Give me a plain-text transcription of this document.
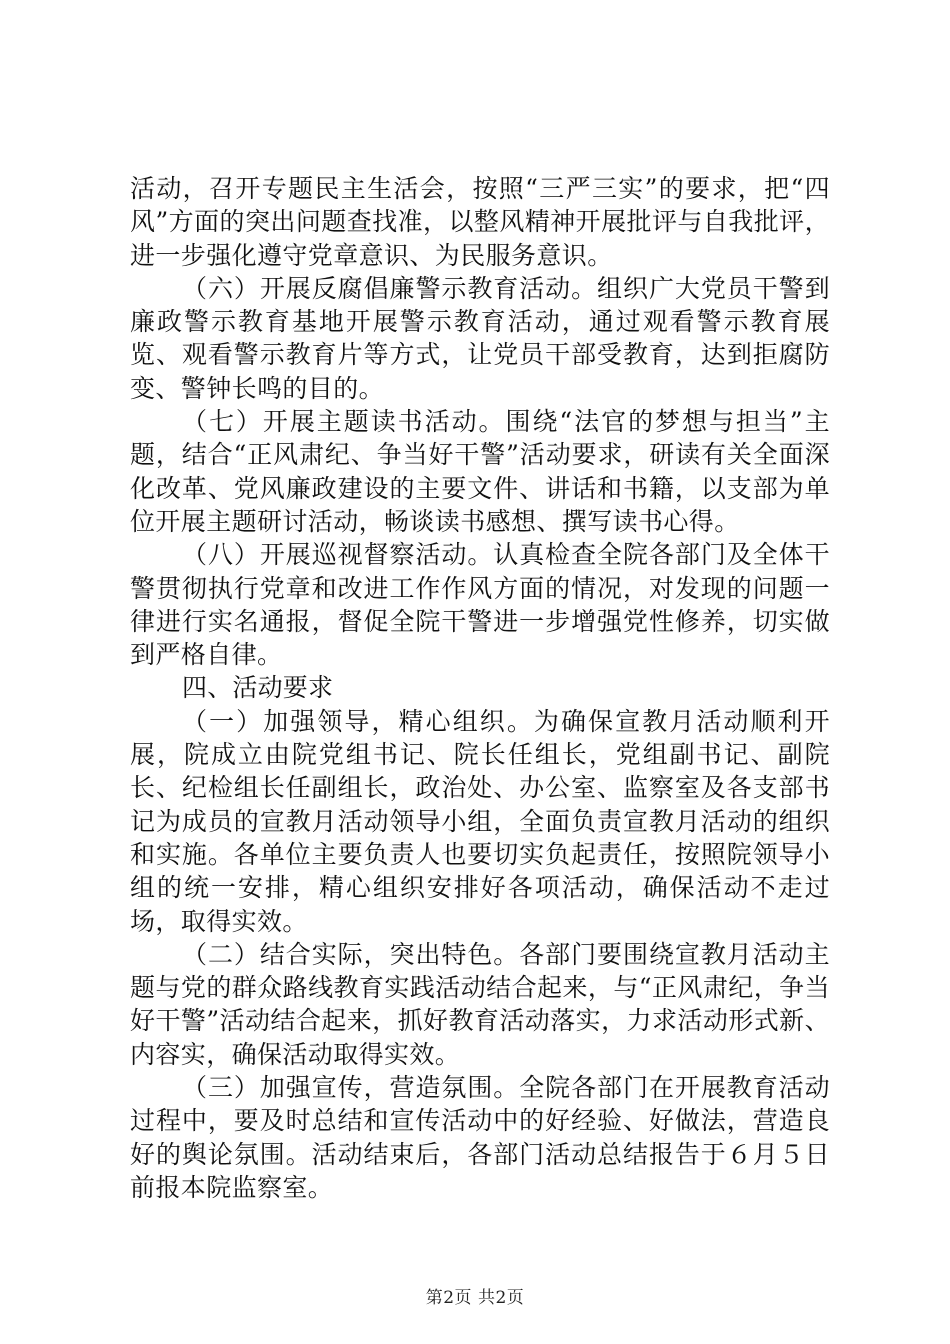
活动，召开专题民主生活会，按照“三严三实”的要求，把“四风”方面的突出问题查找准，以整风精神开展批评与自我批评，进一步强化遵守党章意识、为民服务意识。

（六）开展反腐倡廉警示教育活动。组织广大党员干警到廉政警示教育基地开展警示教育活动，通过观看警示教育展览、观看警示教育片等方式，让党员干部受教育，达到拒腐防变、警钟长鸣的目的。

（七）开展主题读书活动。围绕“法官的梦想与担当”主题，结合“正风肃纪、争当好干警”活动要求，研读有关全面深化改革、党风廉政建设的主要文件、讲话和书籍，以支部为单位开展主题研讨活动，畅谈读书感想、撰写读书心得。

（八）开展巡视督察活动。认真检查全院各部门及全体干警贯彻执行党章和改进工作作风方面的情况，对发现的问题一律进行实名通报，督促全院干警进一步增强党性修养，切实做到严格自律。

四、活动要求

（一）加强领导，精心组织。为确保宣教月活动顺利开展，院成立由院党组书记、院长任组长，党组副书记、副院长、纪检组长任副组长，政治处、办公室、监察室及各支部书记为成员的宣教月活动领导小组，全面负责宣教月活动的组织和实施。各单位主要负责人也要切实负起责任，按照院领导小组的统一安排，精心组织安排好各项活动，确保活动不走过场，取得实效。

（二）结合实际，突出特色。各部门要围绕宣教月活动主题与党的群众路线教育实践活动结合起来，与“正风肃纪，争当好干警”活动结合起来，抓好教育活动落实，力求活动形式新、内容实，确保活动取得实效。

（三）加强宣传，营造氛围。全院各部门在开展教育活动过程中，要及时总结和宣传活动中的好经验、好做法，营造良好的舆论氛围。活动结束后，各部门活动总结报告于６月５日前报本院监察室。

第2页 共2页
